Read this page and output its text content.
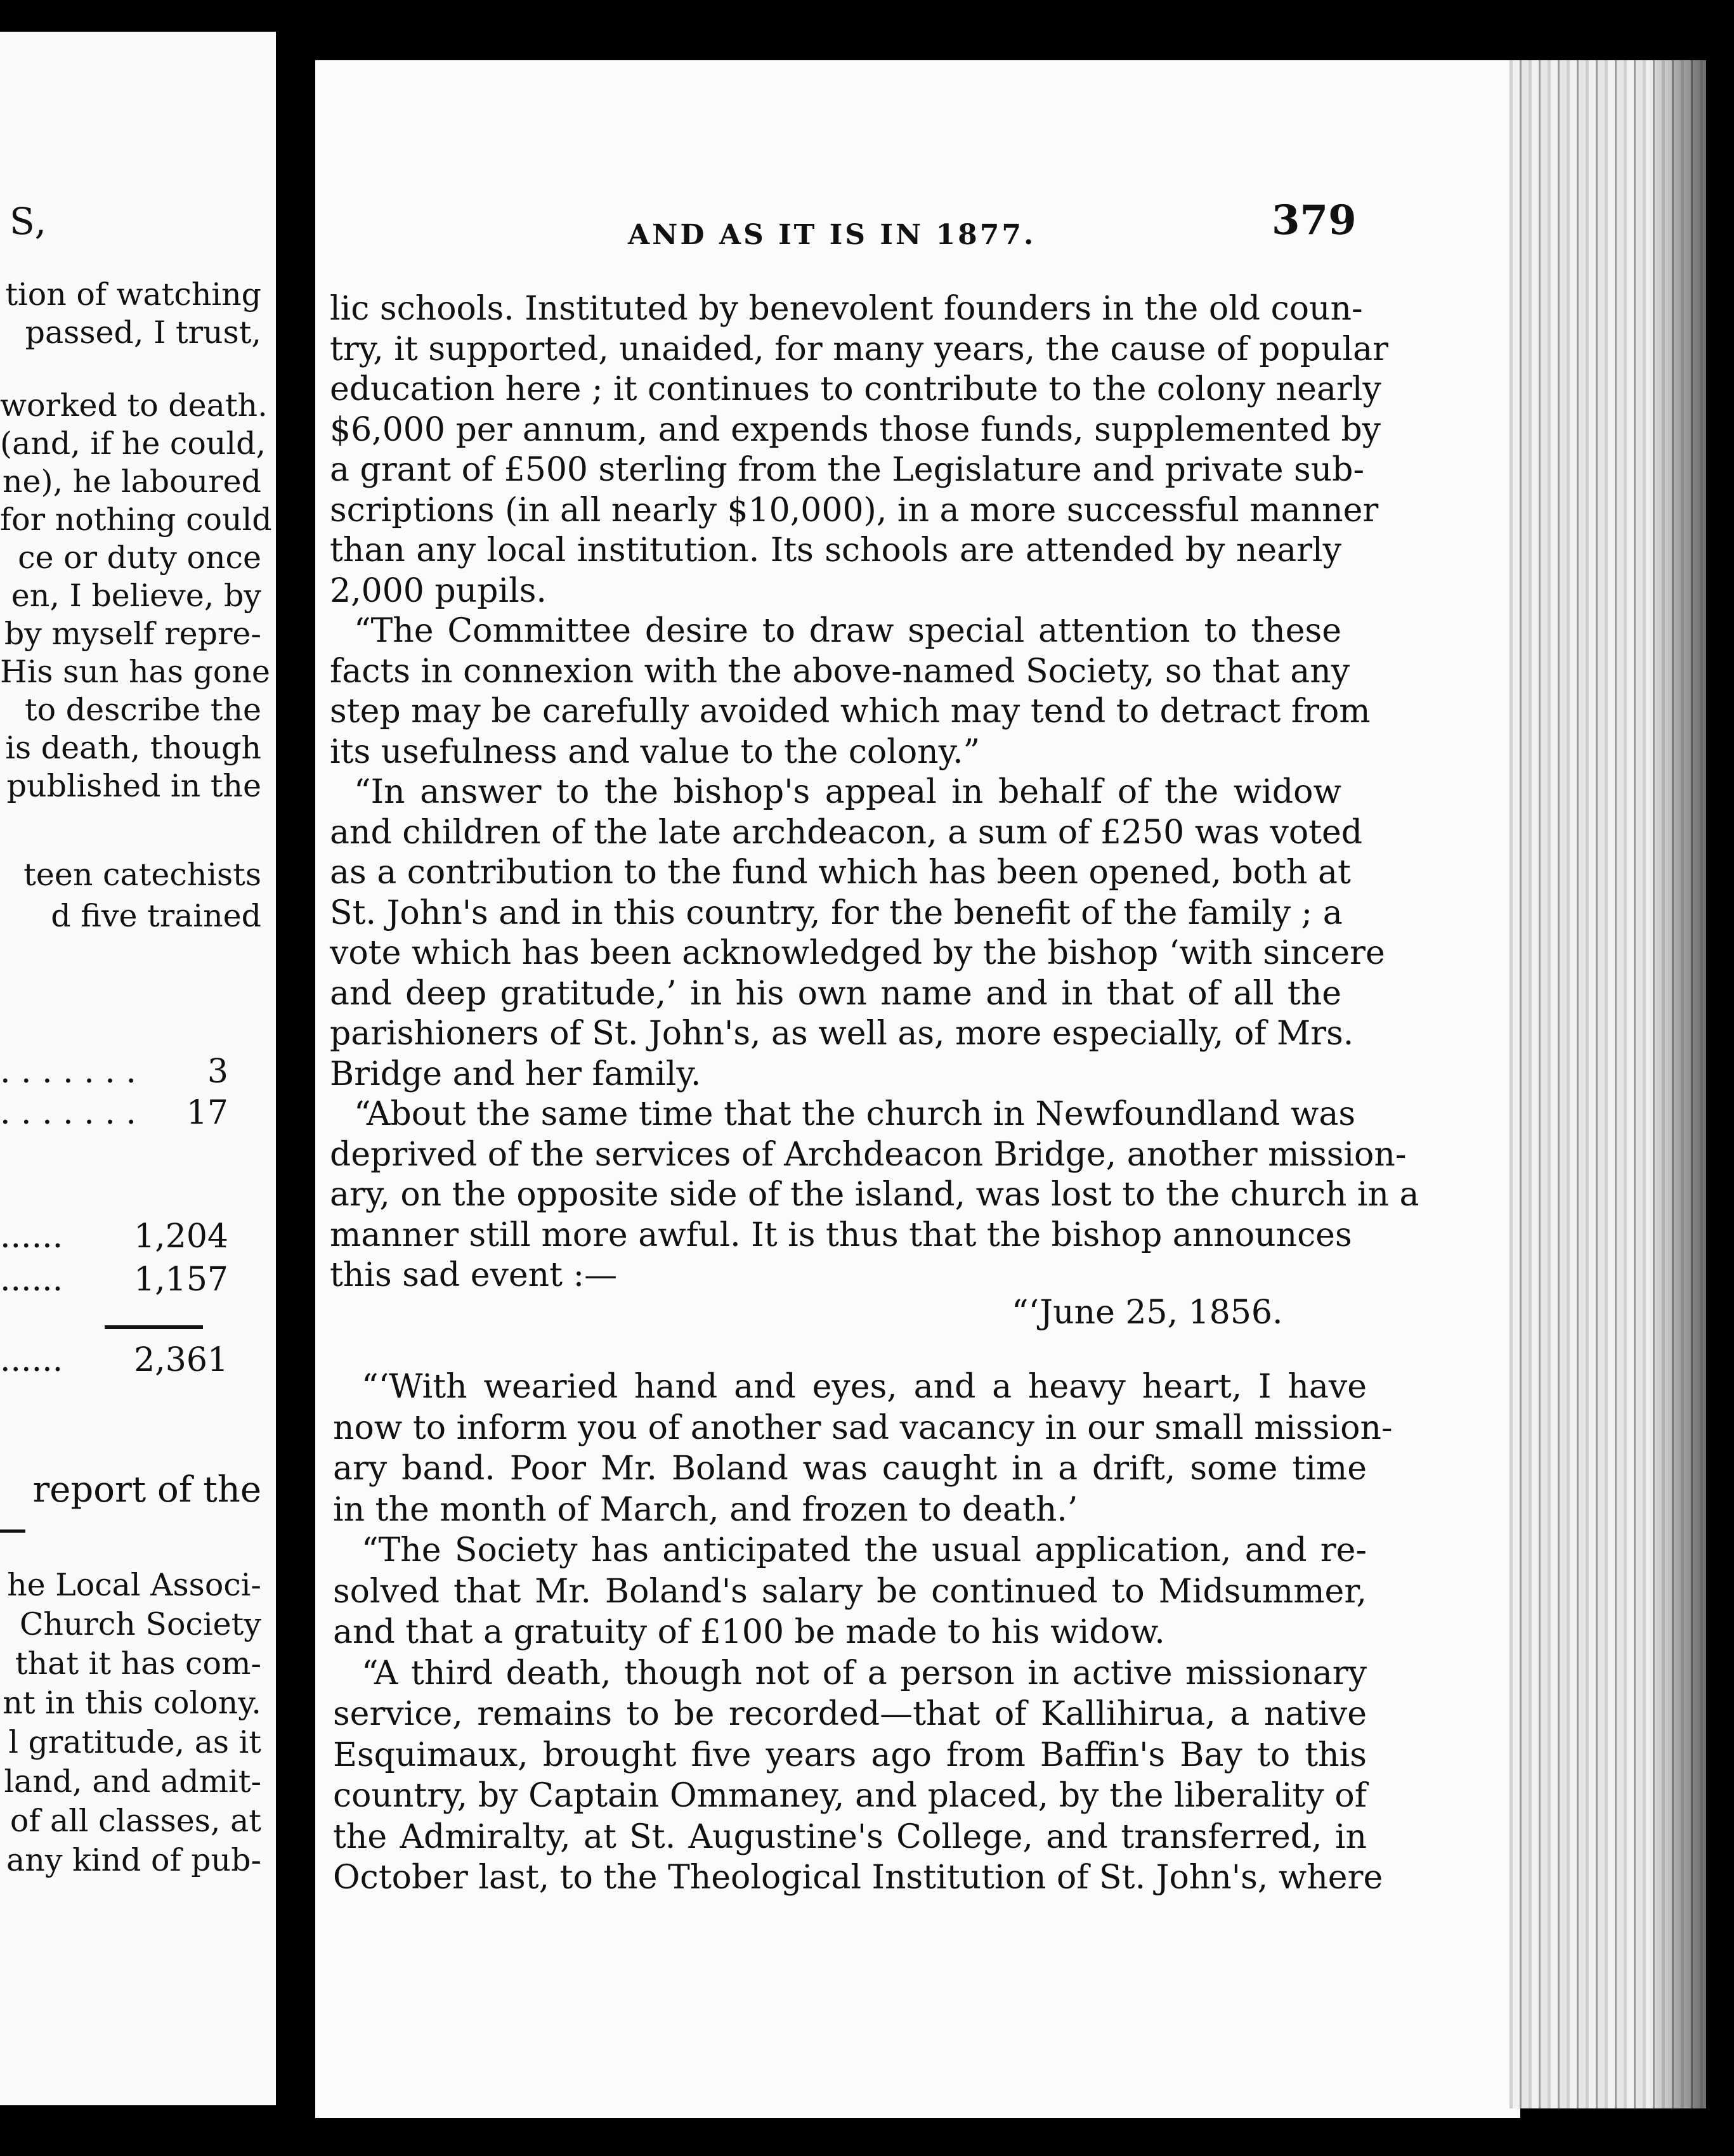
S,
tion of watching
passed, I trust,
worked to death.
(and, if he could,
ne), he laboured
for nothing could
ce or duty once
en, I believe, by
by myself repre-
His sun has gone
to describe the
is death, though
published in the
teen catechists
d five trained
. . . . . . .	3
. . . . . . .	17
......	1,204
......	1,157
......	2,361
report of the
he Local Associ-
Church Society
that it has com-
nt in this colony.
l gratitude, as it
land, and admit-
of all classes, at
any kind of pub-
AND AS IT IS IN 1877.	379
lic schools. Instituted by benevolent founders in the old coun-
try, it supported, unaided, for many years, the cause of popular
education here ; it continues to contribute to the colony nearly
$6,000 per annum, and expends those funds, supplemented by
a grant of £500 sterling from the Legislature and private sub-
scriptions (in all nearly $10,000), in a more successful manner
than any local institution. Its schools are attended by nearly
2,000 pupils.
“The Committee desire to draw special attention to these
facts in connexion with the above-named Society, so that any
step may be carefully avoided which may tend to detract from
its usefulness and value to the colony.”
“In answer to the bishop's appeal in behalf of the widow
and children of the late archdeacon, a sum of £250 was voted
as a contribution to the fund which has been opened, both at
St. John's and in this country, for the benefit of the family ; a
vote which has been acknowledged by the bishop ‘with sincere
and deep gratitude,’ in his own name and in that of all the
parishioners of St. John's, as well as, more especially, of Mrs.
Bridge and her family.
“About the same time that the church in Newfoundland was
deprived of the services of Archdeacon Bridge, another mission-
ary, on the opposite side of the island, was lost to the church in a
manner still more awful. It is thus that the bishop announces
this sad event :—
“‘With wearied hand and eyes, and a heavy heart, I have
now to inform you of another sad vacancy in our small mission-
ary band. Poor Mr. Boland was caught in a drift, some time
in the month of March, and frozen to death.’
“The Society has anticipated the usual application, and re-
solved that Mr. Boland's salary be continued to Midsummer,
and that a gratuity of £100 be made to his widow.
“A third death, though not of a person in active missionary
service, remains to be recorded—that of Kallihirua, a native
Esquimaux, brought five years ago from Baffin's Bay to this
country, by Captain Ommaney, and placed, by the liberality of
the Admiralty, at St. Augustine's College, and transferred, in
October last, to the Theological Institution of St. John's, where
“‘June 25, 1856.
